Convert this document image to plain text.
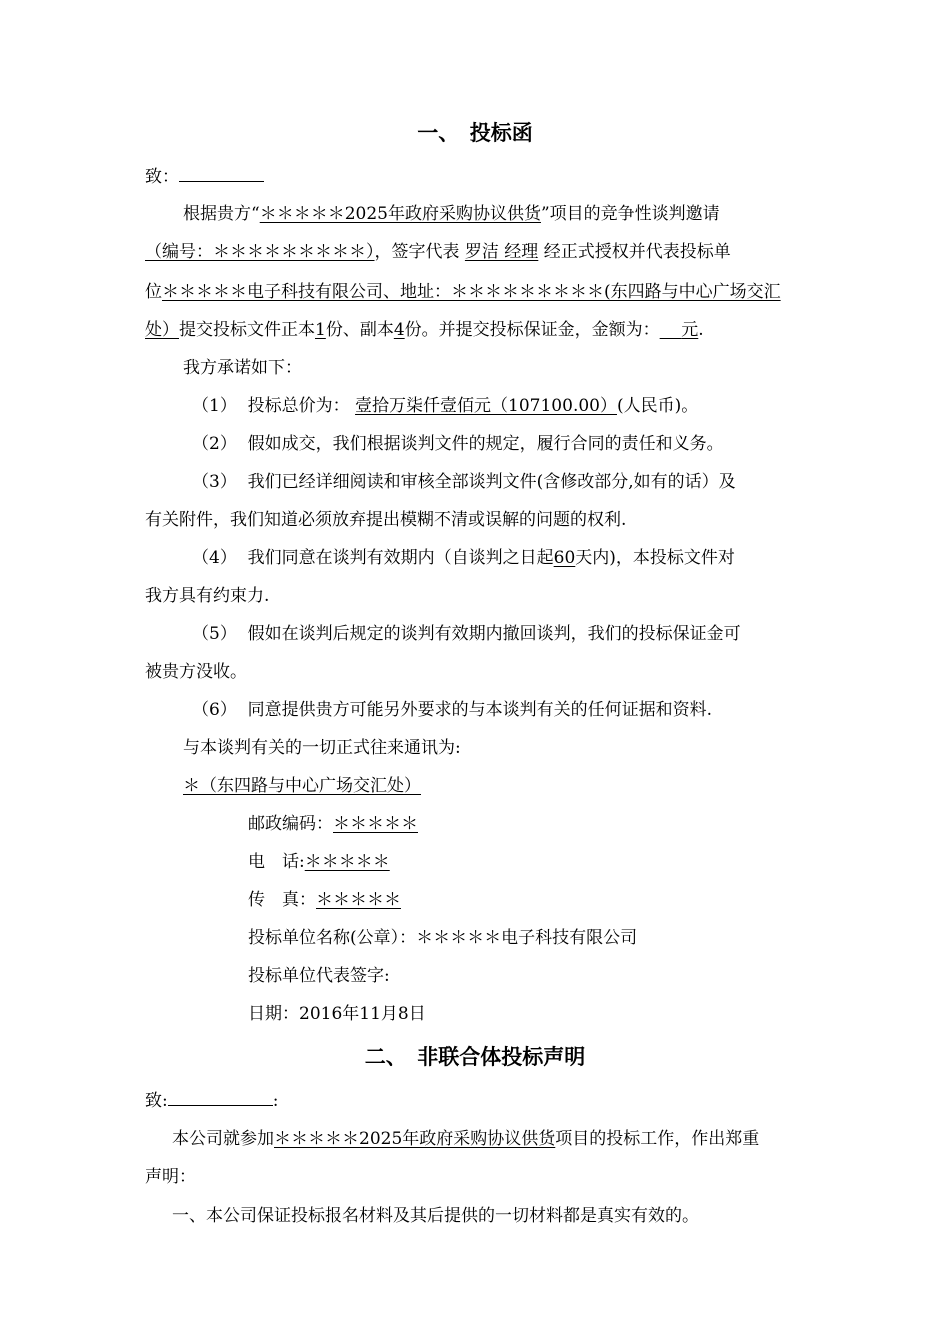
一、　投标函
致：
根据贵方“＊＊＊＊＊2025年政府采购协议供货”项目的竞争性谈判邀请
（编号：＊＊＊＊＊＊＊＊＊），签字代表 罗洁 经理 经正式授权并代表投标单
位＊＊＊＊＊电子科技有限公司、地址：＊＊＊＊＊＊＊＊＊(东四路与中心广场交汇
处）提交投标文件正本1份、副本4份。并提交投标保证金，金额为： 元.
我方承诺如下：
（1） 投标总价为： 壹拾万柒仟壹佰元（107100.00）(人民币)。
（2） 假如成交，我们根据谈判文件的规定，履行合同的责任和义务。
（3） 我们已经详细阅读和审核全部谈判文件(含修改部分,如有的话）及
有关附件，我们知道必须放弃提出模糊不清或误解的问题的权利.
（4） 我们同意在谈判有效期内（自谈判之日起60天内)，本投标文件对
我方具有约束力.
（5） 假如在谈判后规定的谈判有效期内撤回谈判，我们的投标保证金可
被贵方没收。
（6） 同意提供贵方可能另外要求的与本谈判有关的任何证据和资料.
与本谈判有关的一切正式往来通讯为:
＊（东四路与中心广场交汇处）
邮政编码：＊＊＊＊＊
电　话:＊＊＊＊＊
传　真：＊＊＊＊＊
投标单位名称(公章）：＊＊＊＊＊电子科技有限公司
投标单位代表签字:
日期：2016年11月8日
二、　非联合体投标声明
致:	:
本公司就参加＊＊＊＊＊2025年政府采购协议供货项目的投标工作，作出郑重
声明：
一、本公司保证投标报名材料及其后提供的一切材料都是真实有效的。
